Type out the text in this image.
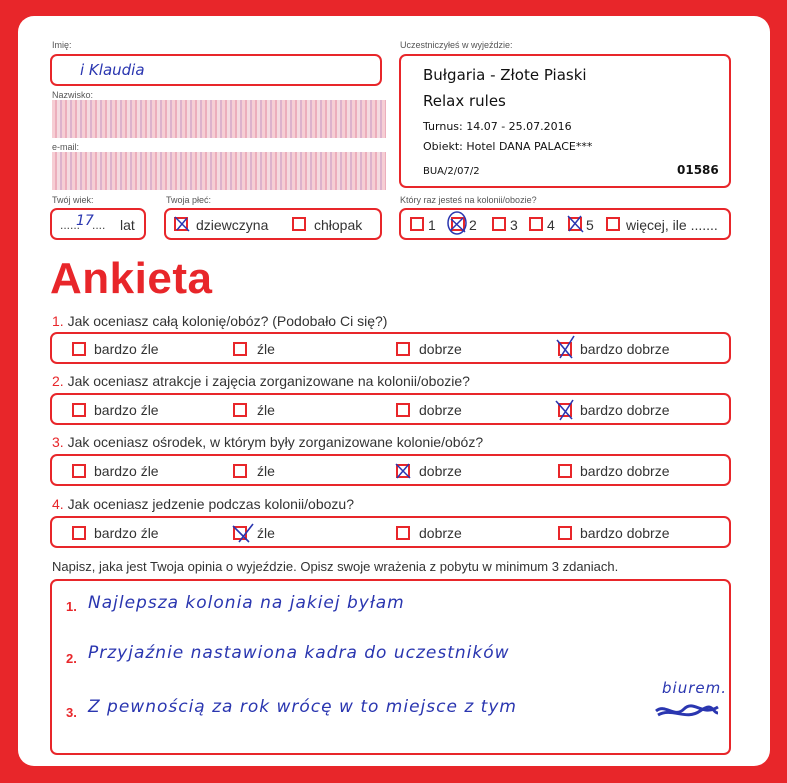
Imię:
i Klaudia
Nazwisko:
e-mail:
Uczestniczyłeś w wyjeździe:
Bułgaria - Złote Piaski
Relax rules
Turnus: 14.07 - 25.07.2016
Obiekt: Hotel DANA PALACE***
BUA/2/07/2	01586
Twój wiek:
......
17
.... lat
Twoja płeć:
dziewczyna	chłopak
Który raz jesteś na kolonii/obozie?
1 2 3 4 5 więcej, ile .......
Ankieta
1. Jak oceniasz całą kolonię/obóz? (Podobało Ci się?)
bardzo źle	źle	dobrze	bardzo dobrze
2. Jak oceniasz atrakcje i zajęcia zorganizowane na kolonii/obozie?
bardzo źle	źle	dobrze	bardzo dobrze
3. Jak oceniasz ośrodek, w którym były zorganizowane kolonie/obóz?
bardzo źle	źle	dobrze	bardzo dobrze
4. Jak oceniasz jedzenie podczas kolonii/obozu?
bardzo źle	źle	dobrze	bardzo dobrze
Napisz, jaka jest Twoja opinia o wyjeździe. Opisz swoje wrażenia z pobytu w minimum 3 zdaniach.
1. Najlepsza kolonia na jakiej byłam
2. Przyjaźnie nastawiona kadra do uczestników
3. Z pewnością za rok wrócę w to miejsce z tym
biurem.
